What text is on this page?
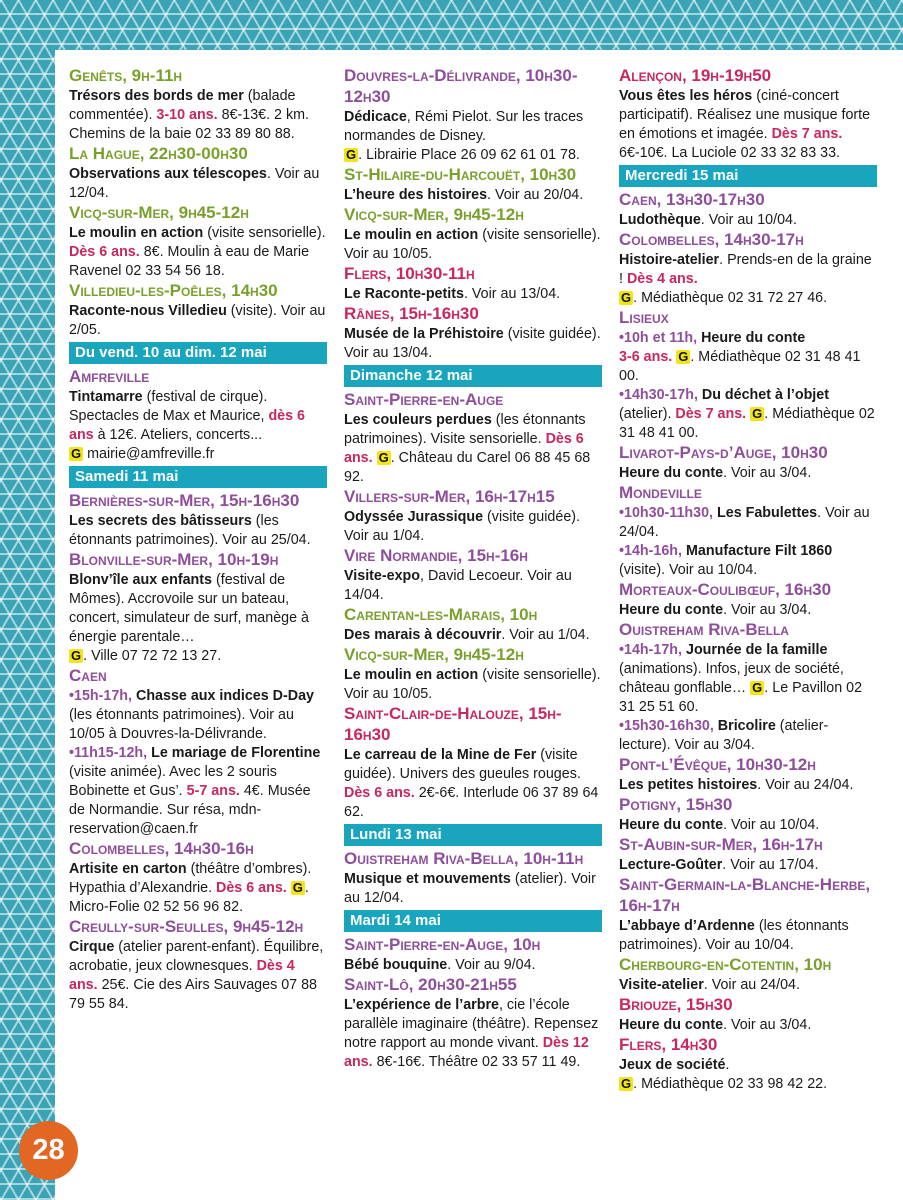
Genêts, 9h-11h
Trésors des bords de mer (balade commentée). 3-10 ans. 8€-13€. 2 km. Chemins de la baie 02 33 89 80 88.

La Hague, 22h30-00h30
Observations aux télescopes. Voir au 12/04.

Vicq-sur-Mer, 9h45-12h
Le moulin en action (visite sensorielle). Dès 6 ans. 8€. Moulin à eau de Marie Ravenel 02 33 54 56 18.

Villedieu-les-Poêles, 14h30
Raconte-nous Villedieu (visite). Voir au 2/05.

Du vend. 10 au dim. 12 mai

Amfreville
Tintamarre (festival de cirque). Spectacles de Max et Maurice, dès 6 ans à 12€. Ateliers, concerts...
G mairie@amfreville.fr

Samedi 11 mai

Bernières-sur-Mer, 15h-16h30
Les secrets des bâtisseurs (les étonnants patrimoines). Voir au 25/04.

Blonville-sur-Mer, 10h-19h
Blonv’île aux enfants (festival de Mômes). Accrovoile sur un bateau, concert, simulateur de surf, manège à énergie parentale…
G . Ville 07 72 72 13 27.

Caen
•15h-17h, Chasse aux indices D-Day (les étonnants patrimoines). Voir au 10/05 à Douvres-la-Délivrande.
•11h15-12h, Le mariage de Florentine (visite animée). Avec les 2 souris Bobinette et Gus’. 5-7 ans. 4€. Musée de Normandie. Sur résa, mdn-reservation@caen.fr

Colombelles, 14h30-16h
Artisite en carton (théâtre d’ombres). Hypathia d’Alexandrie. Dès 6 ans. G . Micro-Folie 02 52 56 96 82.

Creully-sur-Seulles, 9h45-12h
Cirque (atelier parent-enfant). Équilibre, acrobatie, jeux clownesques. Dès 4 ans. 25€. Cie des Airs Sauvages 07 88 79 55 84.

Douvres-la-Délivrande, 10h30-12h30
Dédicace, Rémi Pielot. Sur les traces normandes de Disney.
G . Librairie Place 26 09 62 61 01 78.

St-Hilaire-du-Harcouët, 10h30
L’heure des histoires. Voir au 20/04.

Vicq-sur-Mer, 9h45-12h
Le moulin en action (visite sensorielle). Voir au 10/05.

Flers, 10h30-11h
Le Raconte-petits. Voir au 13/04.

Rânes, 15h-16h30
Musée de la Préhistoire (visite guidée). Voir au 13/04.

Dimanche 12 mai

Saint-Pierre-en-Auge
Les couleurs perdues (les étonnants patrimoines). Visite sensorielle. Dès 6 ans. G . Château du Carel 06 88 45 68 92.

Villers-sur-Mer, 16h-17h15
Odyssée Jurassique (visite guidée). Voir au 1/04.

Vire Normandie, 15h-16h
Visite-expo, David Lecoeur. Voir au 14/04.

Carentan-les-Marais, 10h
Des marais à découvrir. Voir au 1/04.

Vicq-sur-Mer, 9h45-12h
Le moulin en action (visite sensorielle). Voir au 10/05.

Saint-Clair-de-Halouze, 15h-16h30
Le carreau de la Mine de Fer (visite guidée). Univers des gueules rouges. Dès 6 ans. 2€-6€. Interlude 06 37 89 64 62.

Lundi 13 mai

Ouistreham Riva-Bella, 10h-11h
Musique et mouvements (atelier). Voir au 12/04.

Mardi 14 mai

Saint-Pierre-en-Auge, 10h
Bébé bouquine. Voir au 9/04.

Saint-Lô, 20h30-21h55
L’expérience de l’arbre, cie l’école parallèle imaginaire (théâtre). Repensez notre rapport au monde vivant. Dès 12 ans. 8€-16€. Théâtre 02 33 57 11 49.

Alençon, 19h-19h50
Vous êtes les héros (ciné-concert participatif). Réalisez une musique forte en émotions et imagée. Dès 7 ans. 6€-10€. La Luciole 02 33 32 83 33.

Mercredi 15 mai

Caen, 13h30-17h30
Ludothèque. Voir au 10/04.

Colombelles, 14h30-17h
Histoire-atelier. Prends-en de la graine ! Dès 4 ans.
G . Médiathèque 02 31 72 27 46.

Lisieux
•10h et 11h, Heure du conte
3-6 ans. G . Médiathèque 02 31 48 41 00.
•14h30-17h, Du déchet à l’objet (atelier). Dès 7 ans. G . Médiathèque 02 31 48 41 00.

Livarot-Pays-d’Auge, 10h30
Heure du conte. Voir au 3/04.

Mondeville
•10h30-11h30, Les Fabulettes. Voir au 24/04.
•14h-16h, Manufacture Filt 1860 (visite). Voir au 10/04.

Morteaux-Coulibœuf, 16h30
Heure du conte. Voir au 3/04.

Ouistreham Riva-Bella
•14h-17h, Journée de la famille (animations). Infos, jeux de société, château gonflable… G . Le Pavillon 02 31 25 51 60.
•15h30-16h30, Bricolire (atelier-lecture). Voir au 3/04.

Pont-l’Évêque, 10h30-12h
Les petites histoires. Voir au 24/04.

Potigny, 15h30
Heure du conte. Voir au 10/04.

St-Aubin-sur-Mer, 16h-17h
Lecture-Goûter. Voir au 17/04.

Saint-Germain-la-Blanche-Herbe, 16h-17h
L’abbaye d’Ardenne (les étonnants patrimoines). Voir au 10/04.

Cherbourg-en-Cotentin, 10h
Visite-atelier. Voir au 24/04.

Briouze, 15h30
Heure du conte. Voir au 3/04.

Flers, 14h30
Jeux de société.
G . Médiathèque 02 33 98 42 22.

28
